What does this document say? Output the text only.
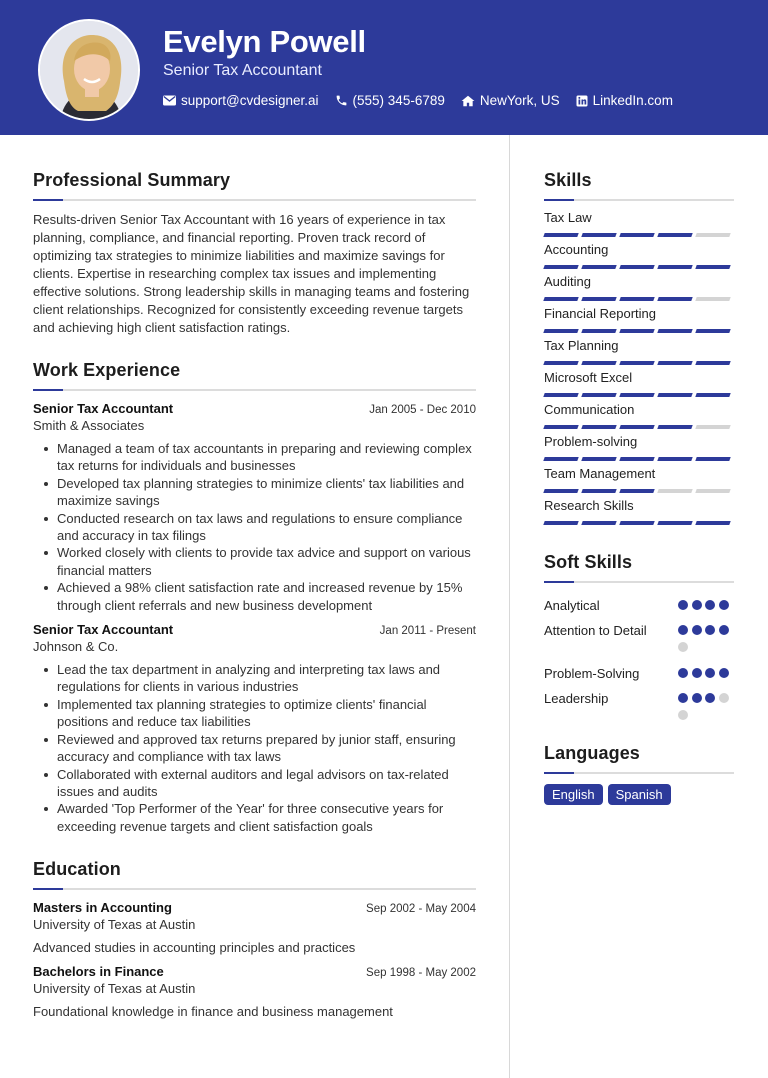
Evelyn Powell
Senior Tax Accountant
support@cvdesigner.ai	(555) 345-6789	NewYork, US LinkedIn.com
Professional Summary

Results-driven Senior Tax Accountant with 16 years of experience in tax planning, compliance, and financial reporting. Proven track record of optimizing tax strategies to minimize liabilities and maximize savings for clients. Expertise in researching complex tax issues and implementing effective solutions. Strong leadership skills in managing teams and fostering client relationships. Recognized for consistently exceeding revenue targets and achieving high client satisfaction ratings.

Work Experience
Senior Tax Accountant	Jan 2005 - Dec 2010
Smith & Associates
Managed a team of tax accountants in preparing and reviewing complex tax returns for individuals and businesses
Developed tax planning strategies to minimize clients' tax liabilities and maximize savings
Conducted research on tax laws and regulations to ensure compliance and accuracy in tax filings
Worked closely with clients to provide tax advice and support on various financial matters
Achieved a 98% client satisfaction rate and increased revenue by 15% through client referrals and new business development
Senior Tax Accountant	Jan 2011 - Present
Johnson & Co.
Lead the tax department in analyzing and interpreting tax laws and regulations for clients in various industries
Implemented tax planning strategies to optimize clients' financial positions and reduce tax liabilities
Reviewed and approved tax returns prepared by junior staff, ensuring accuracy and compliance with tax laws
Collaborated with external auditors and legal advisors on tax-related issues and audits
Awarded 'Top Performer of the Year' for three consecutive years for exceeding revenue targets and client satisfaction goals
Education
Masters in Accounting	Sep 2002 - May 2004
University of Texas at Austin
Advanced studies in accounting principles and practices
Bachelors in Finance	Sep 1998 - May 2002
University of Texas at Austin
Foundational knowledge in finance and business management
Skills
Tax Law
Accounting
Auditing
Financial Reporting
Tax Planning
Microsoft Excel
Communication
Problem-solving
Team Management
Research Skills
Soft Skills
Analytical
Attention to Detail
Problem-Solving
Leadership
Languages
English	Spanish
